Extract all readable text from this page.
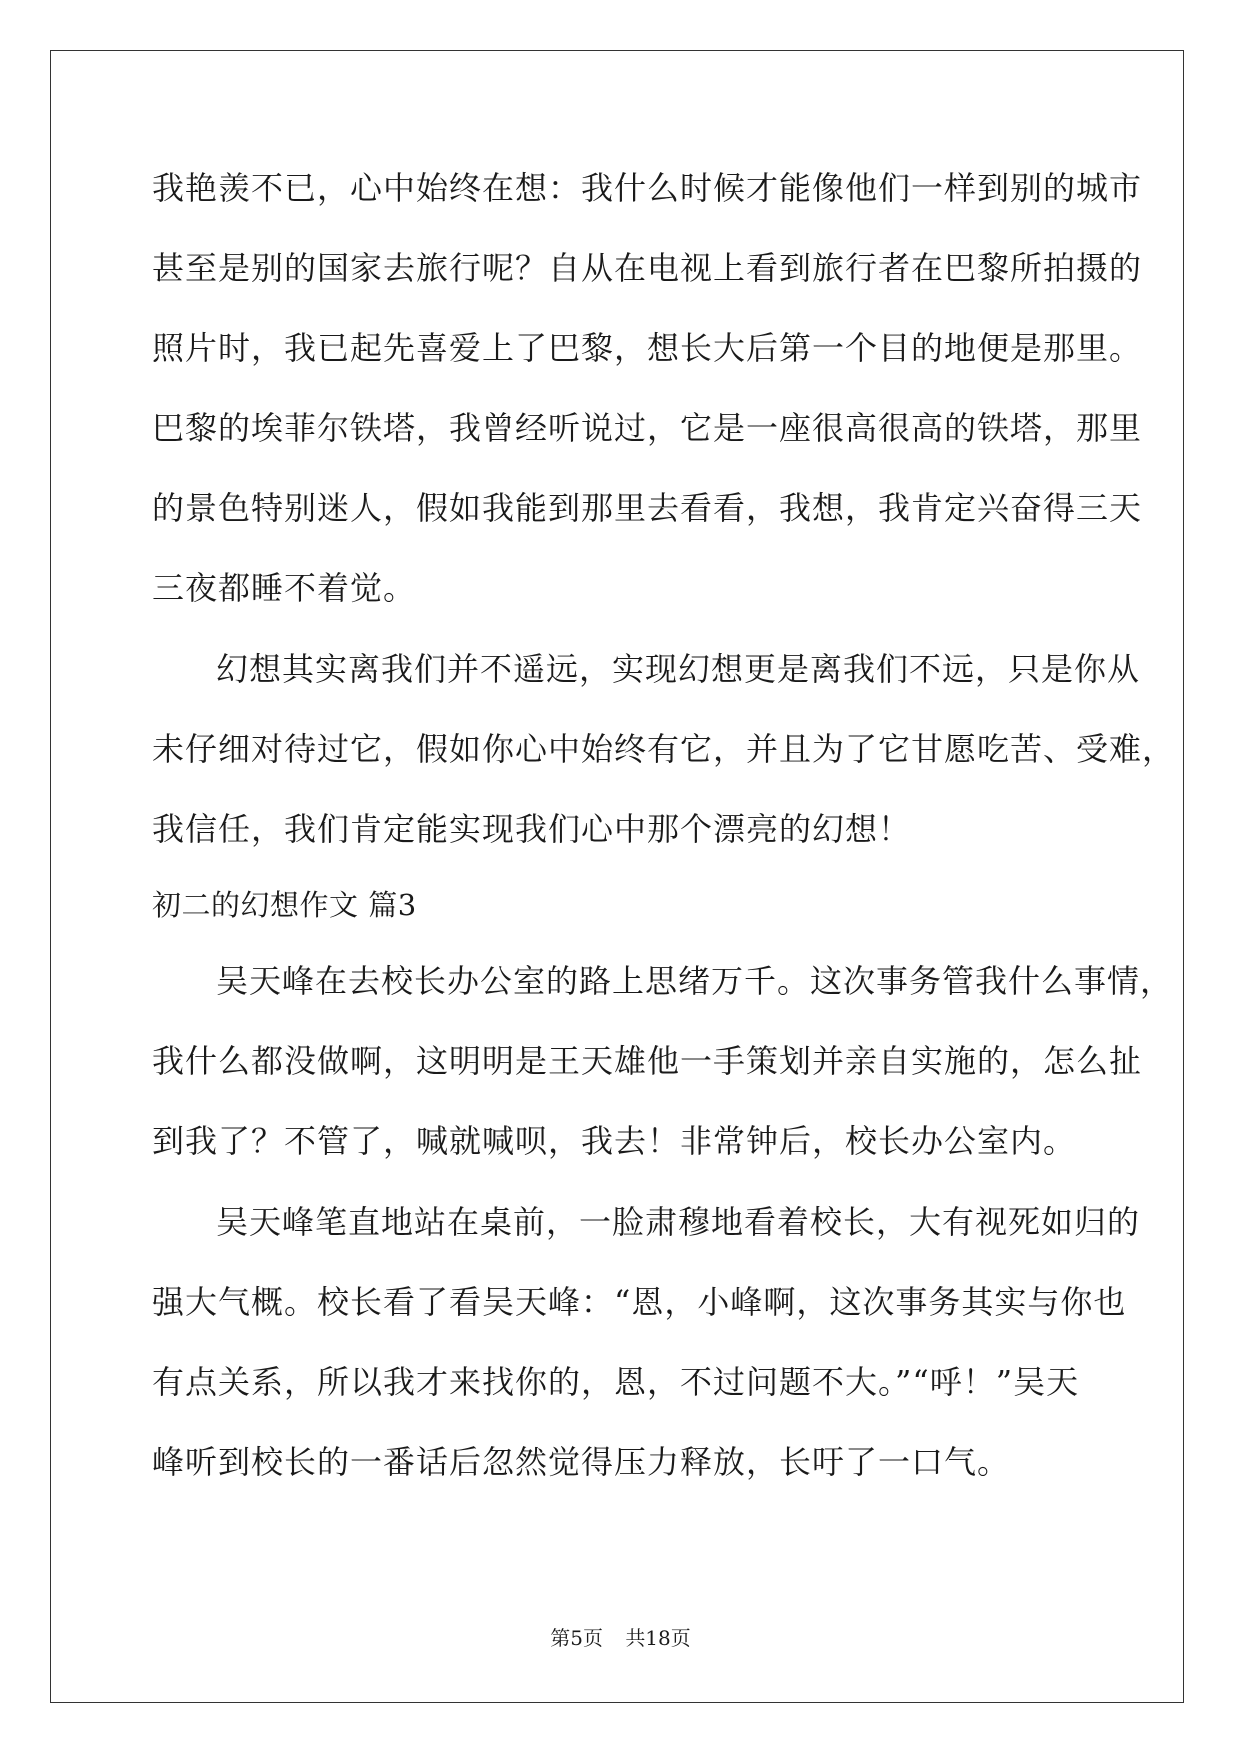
我艳羡不已，心中始终在想：我什么时候才能像他们一样到别的城市
甚至是别的国家去旅行呢？自从在电视上看到旅行者在巴黎所拍摄的
照片时，我已起先喜爱上了巴黎，想长大后第一个目的地便是那里。
巴黎的埃菲尔铁塔，我曾经听说过，它是一座很高很高的铁塔，那里
的景色特别迷人，假如我能到那里去看看，我想，我肯定兴奋得三天
三夜都睡不着觉。
幻想其实离我们并不遥远，实现幻想更是离我们不远，只是你从
未仔细对待过它，假如你心中始终有它，并且为了它甘愿吃苦、受难，
我信任，我们肯定能实现我们心中那个漂亮的幻想！
初二的幻想作文 篇3
吴天峰在去校长办公室的路上思绪万千。这次事务管我什么事情，
我什么都没做啊，这明明是王天雄他一手策划并亲自实施的，怎么扯
到我了？不管了，喊就喊呗，我去！非常钟后，校长办公室内。
吴天峰笔直地站在桌前，一脸肃穆地看着校长，大有视死如归的
强大气概。校长看了看吴天峰：“恩，小峰啊，这次事务其实与你也
有点关系，所以我才来找你的，恩，不过问题不大。”“呼！”吴天
峰听到校长的一番话后忽然觉得压力释放，长吁了一口气。
第5页 共18页
